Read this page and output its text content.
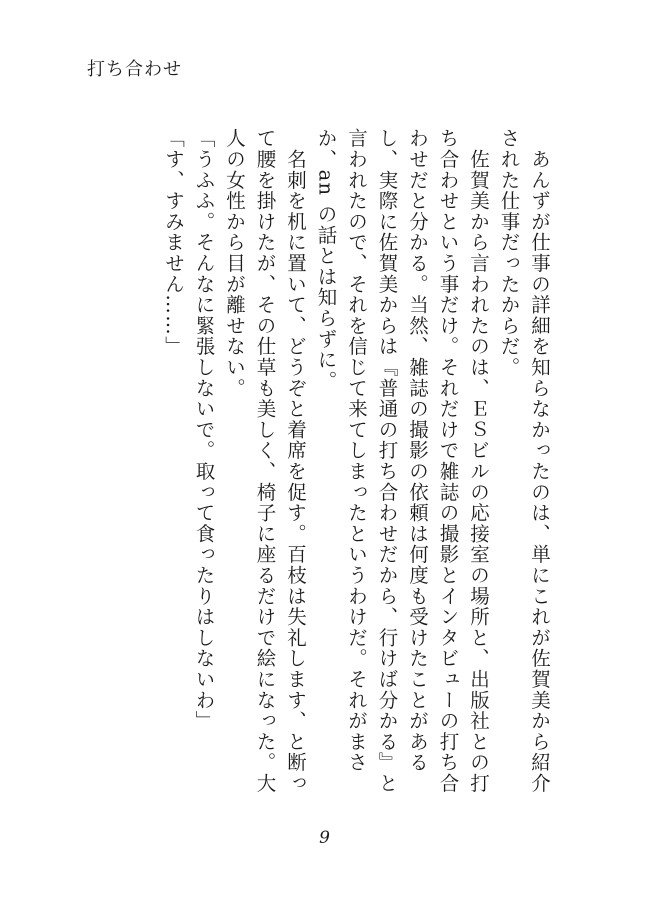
打ち合わせ

　あんずが仕事の詳細を知らなかったのは、単にこれが佐賀美から紹介された仕事だったからだ。

　佐賀美から言われたのは、ＥＳビルの応接室の場所と、出版社との打ち合わせという事だけ。それだけで雑誌の撮影とインタビューの打ち合わせだと分かる。当然、雑誌の撮影の依頼は何度も受けたことがあるし、実際に佐賀美からは『普通の打ち合わせだから、行けば分かる』と言われたので、それを信じて来てしまったというわけだ。それがまさか、an の話とは知らずに。

　名刺を机に置いて、どうぞと着席を促す。百枝は失礼します、と断って腰を掛けたが、その仕草も美しく、椅子に座るだけで絵になった。大人の女性から目が離せない。

「うふふ。そんなに緊張しないで。取って食ったりはしないわ」

「す、すみません……」

9
